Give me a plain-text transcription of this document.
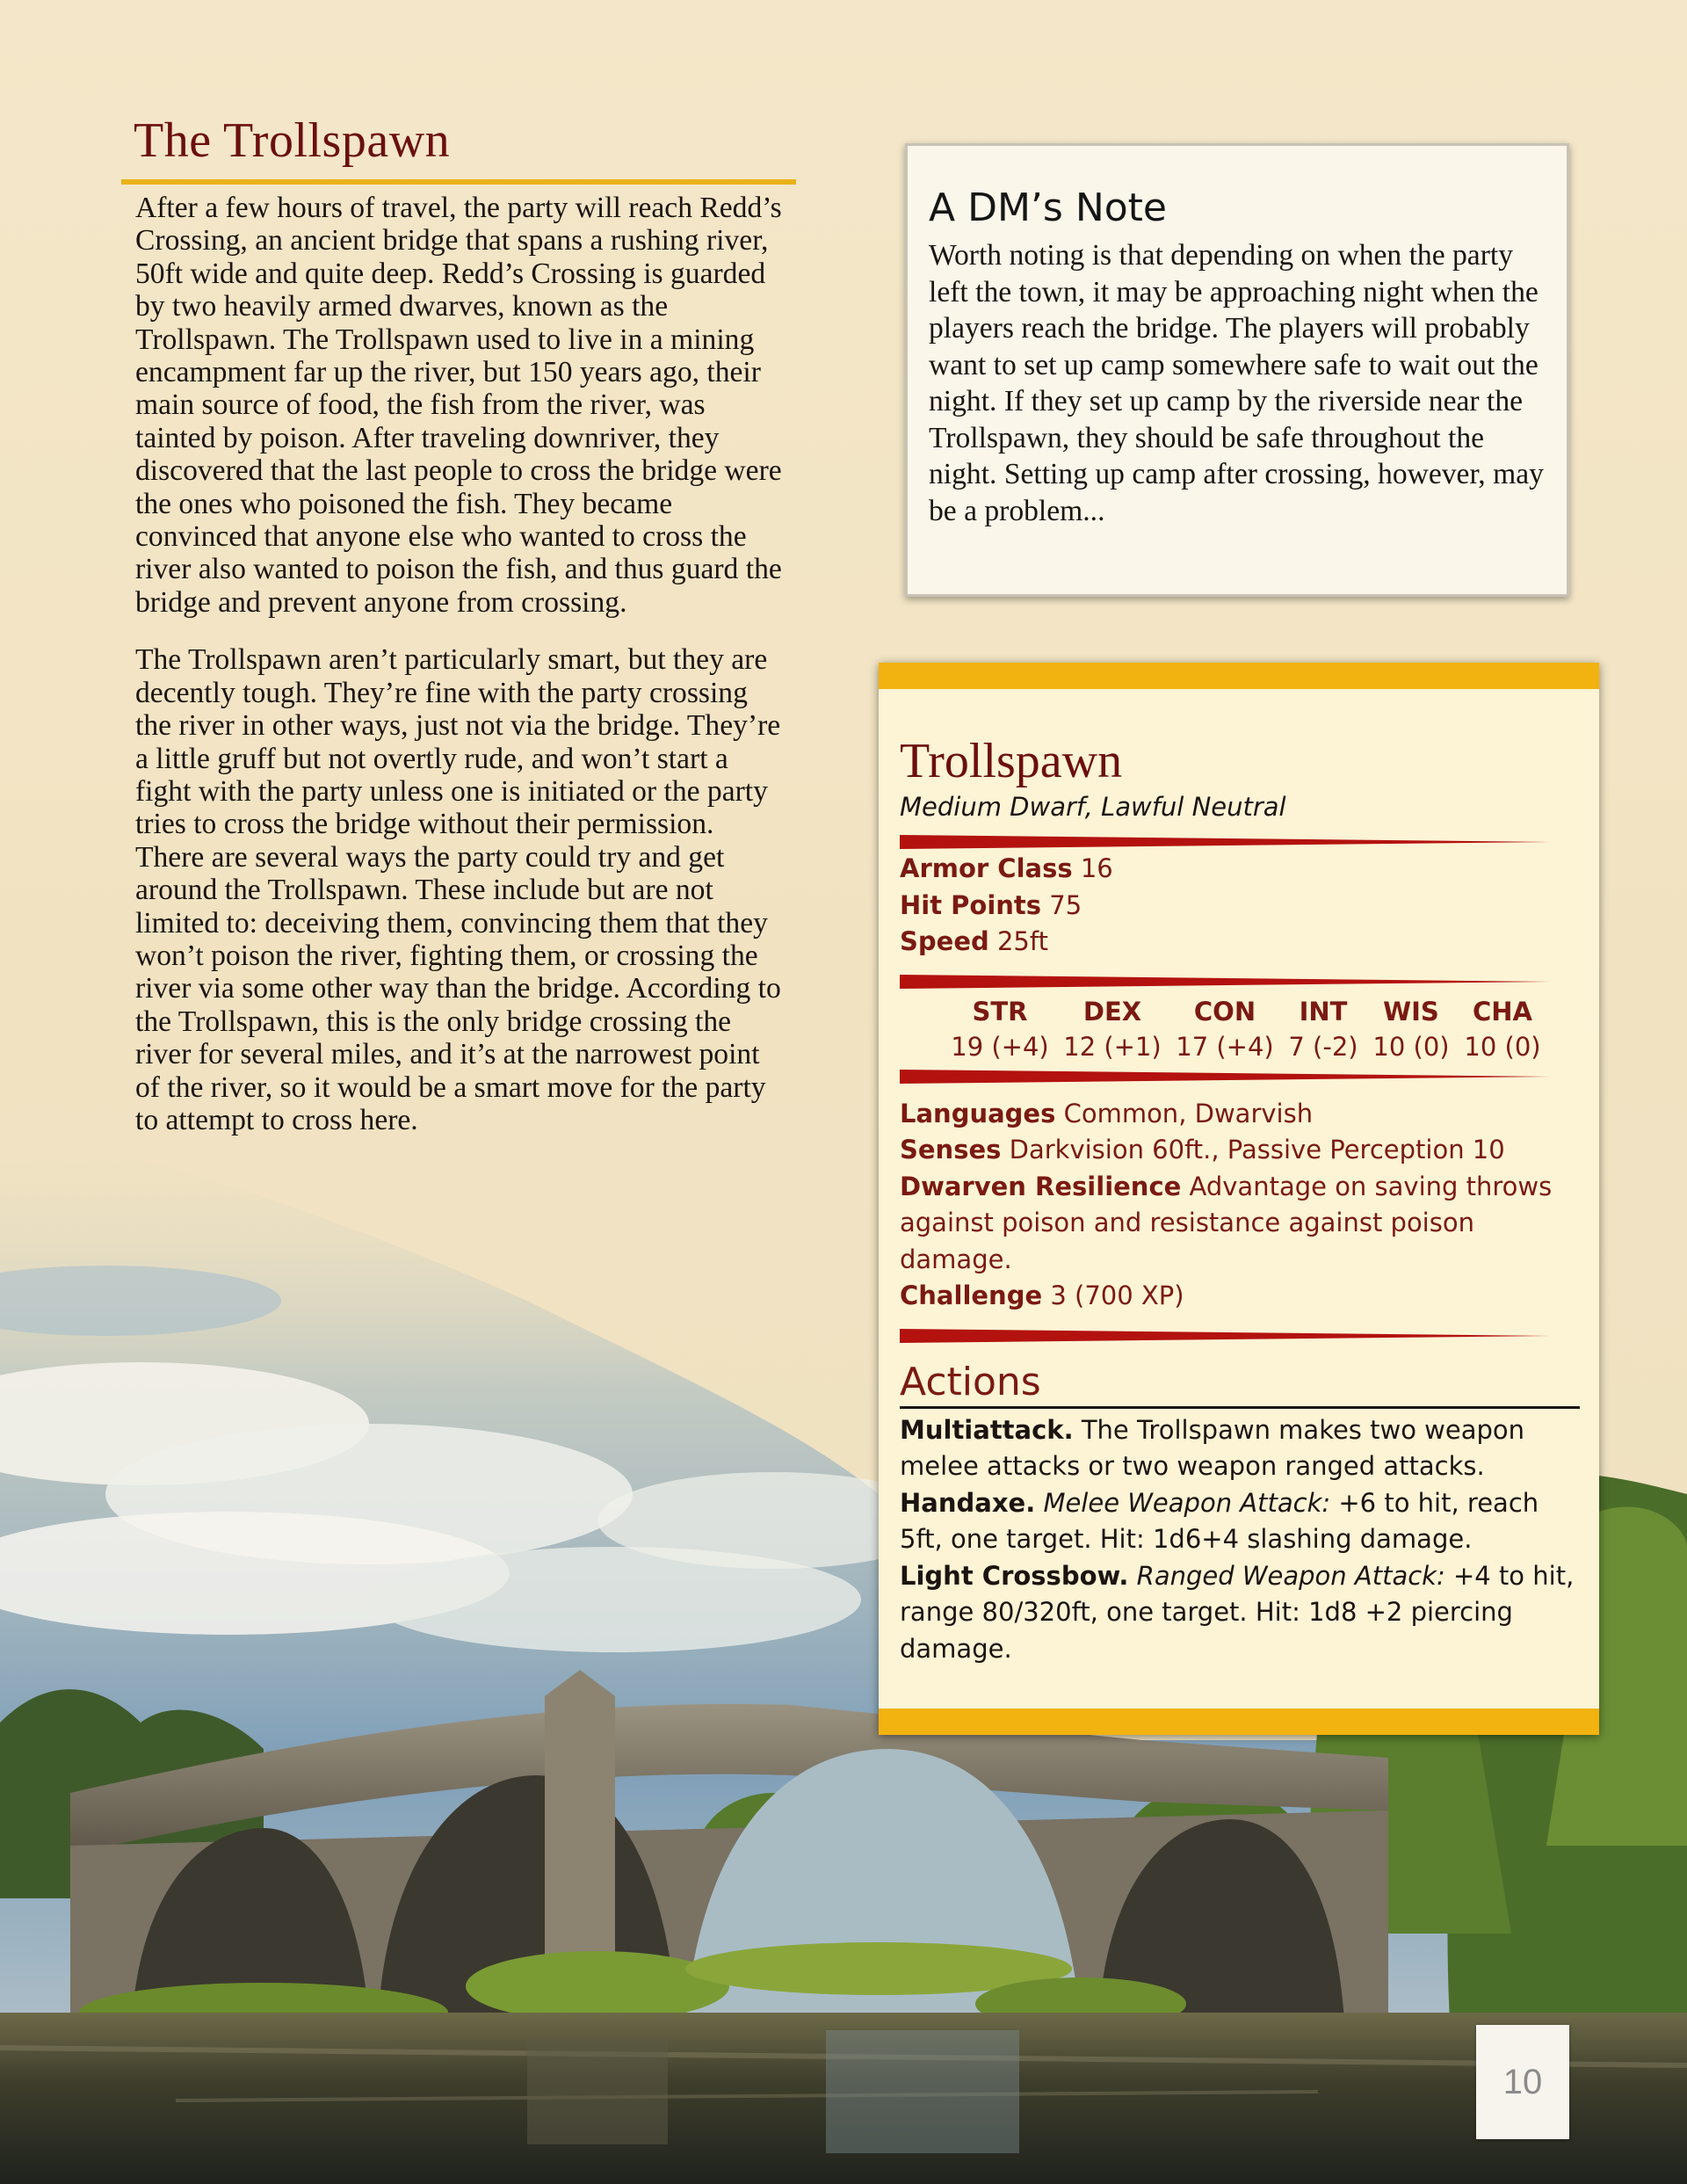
The Trollspawn

After a few hours of travel, the party will reach Redd’s Crossing, an ancient bridge that spans a rushing river, 50ft wide and quite deep. Redd’s Crossing is guarded by two heavily armed dwarves, known as the Trollspawn. The Trollspawn used to live in a mining encampment far up the river, but 150 years ago, their main source of food, the fish from the river, was tainted by poison. After traveling downriver, they discovered that the last people to cross the bridge were the ones who poisoned the fish. They became convinced that anyone else who wanted to cross the river also wanted to poison the fish, and thus guard the bridge and prevent anyone from crossing.

The Trollspawn aren’t particularly smart, but they are decently tough. They’re fine with the party crossing the river in other ways, just not via the bridge. They’re a little gruff but not overtly rude, and won’t start a fight with the party unless one is initiated or the party tries to cross the bridge without their permission. There are several ways the party could try and get around the Trollspawn. These include but are not limited to: deceiving them, convincing them that they won’t poison the river, fighting them, or crossing the river via some other way than the bridge. According to the Trollspawn, this is the only bridge crossing the river for several miles, and it’s at the narrowest point of the river, so it would be a smart move for the party to attempt to cross here.

A DM’s Note
Worth noting is that depending on when the party left the town, it may be approaching night when the players reach the bridge. The players will probably want to set up camp somewhere safe to wait out the night. If they set up camp by the riverside near the Trollspawn, they should be safe throughout the night. Setting up camp after crossing, however, may be a problem...
Trollspawn
Medium Dwarf, Lawful Neutral
Armor Class 16
Hit Points 75
Speed 25ft
STR
19 (+4)
DEX
12 (+1)
CON
17 (+4)
INT
7 (-2)
WIS
10 (0)
CHA
10 (0)
Languages Common, Dwarvish
Senses Darkvision 60ft., Passive Perception 10
Dwarven Resilience Advantage on saving throws against poison and resistance against poison damage.
Challenge 3 (700 XP)
Actions
Multiattack. The Trollspawn makes two weapon melee attacks or two weapon ranged attacks.
Handaxe. Melee Weapon Attack: +6 to hit, reach 5ft, one target. Hit: 1d6+4 slashing damage.
Light Crossbow. Ranged Weapon Attack: +4 to hit, range 80/320ft, one target. Hit: 1d8 +2 piercing damage.
10
